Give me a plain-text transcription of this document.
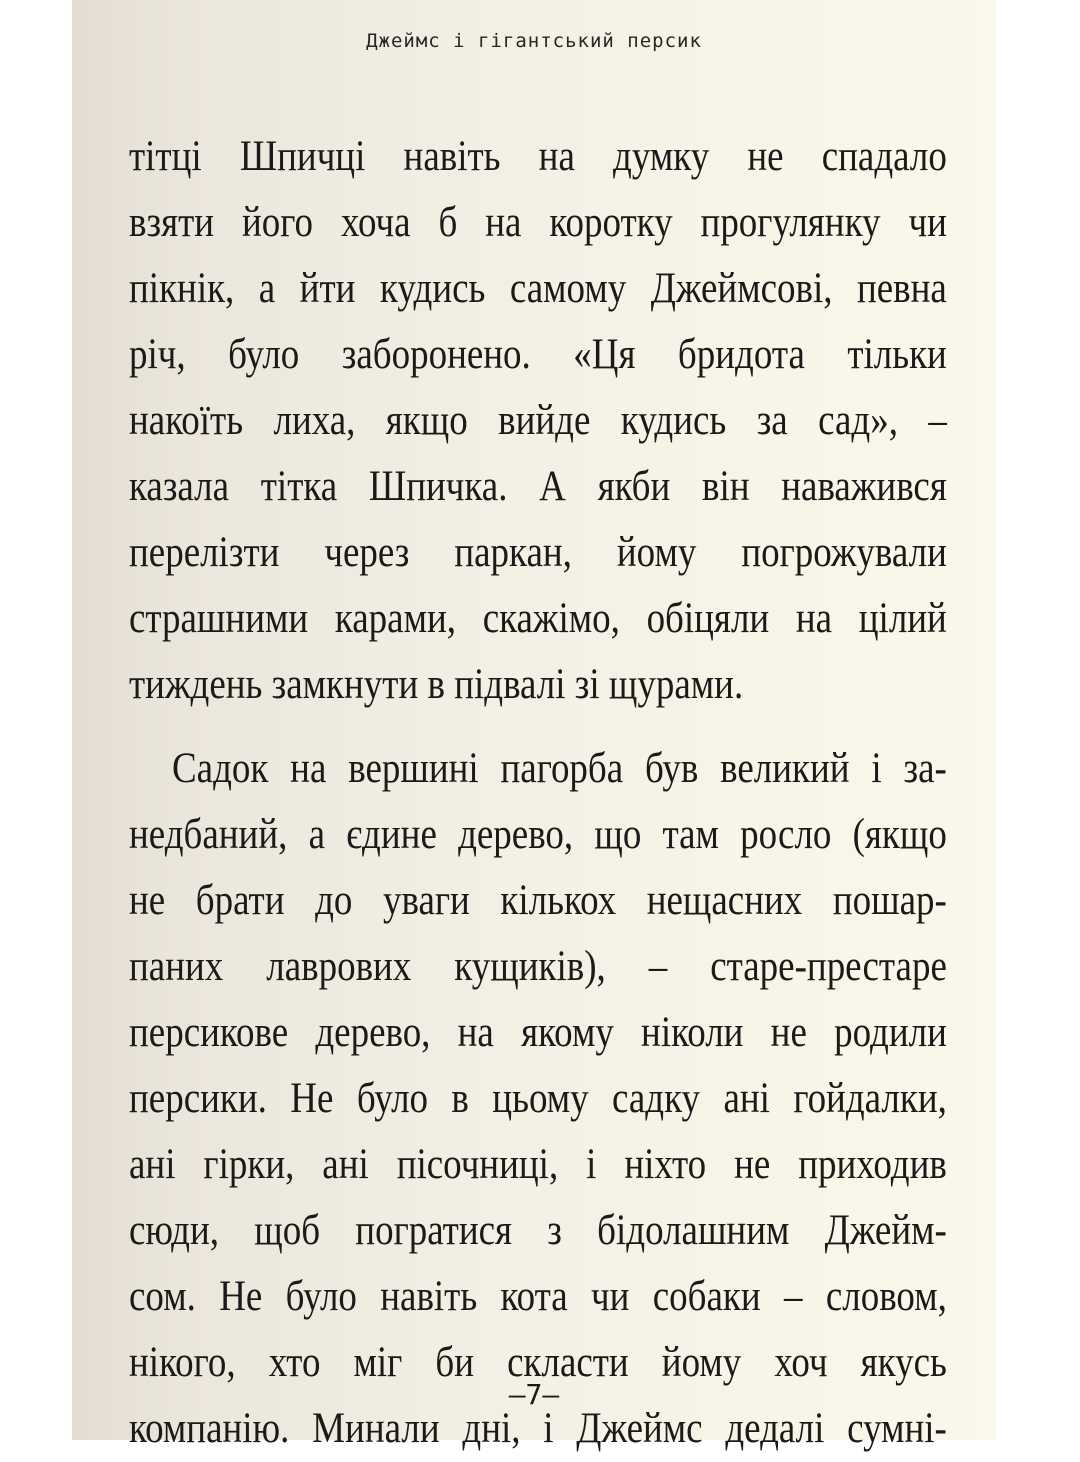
Джеймс і гігантський персик
тітці Шпичці навіть на думку не спадало
взяти його хоча б на коротку прогулянку чи
пікнік, а йти кудись самому Джеймсові, певна
річ, було заборонено. «Ця бридота тільки
накоїть лиха, якщо вийде кудись за сад», –
казала тітка Шпичка. А якби він наважився
перелізти через паркан, йому погрожували
страшними карами, скажімо, обіцяли на цілий
тиждень замкнути в підвалі зі щурами.
Садок на вершині пагорба був великий і за-
недбаний, а єдине дерево, що там росло (якщо
не брати до уваги кількох нещасних пошар-
паних лаврових кущиків), – старе-престаре
персикове дерево, на якому ніколи не родили
персики. Не було в цьому садку ані гойдалки,
ані гірки, ані пісочниці, і ніхто не приходив
сюди, щоб погратися з бідолашним Джейм-
сом. Не було навіть кота чи собаки – словом,
нікого, хто міг би скласти йому хоч якусь
компанію. Минали дні, і Джеймс дедалі сумні-
–7–
